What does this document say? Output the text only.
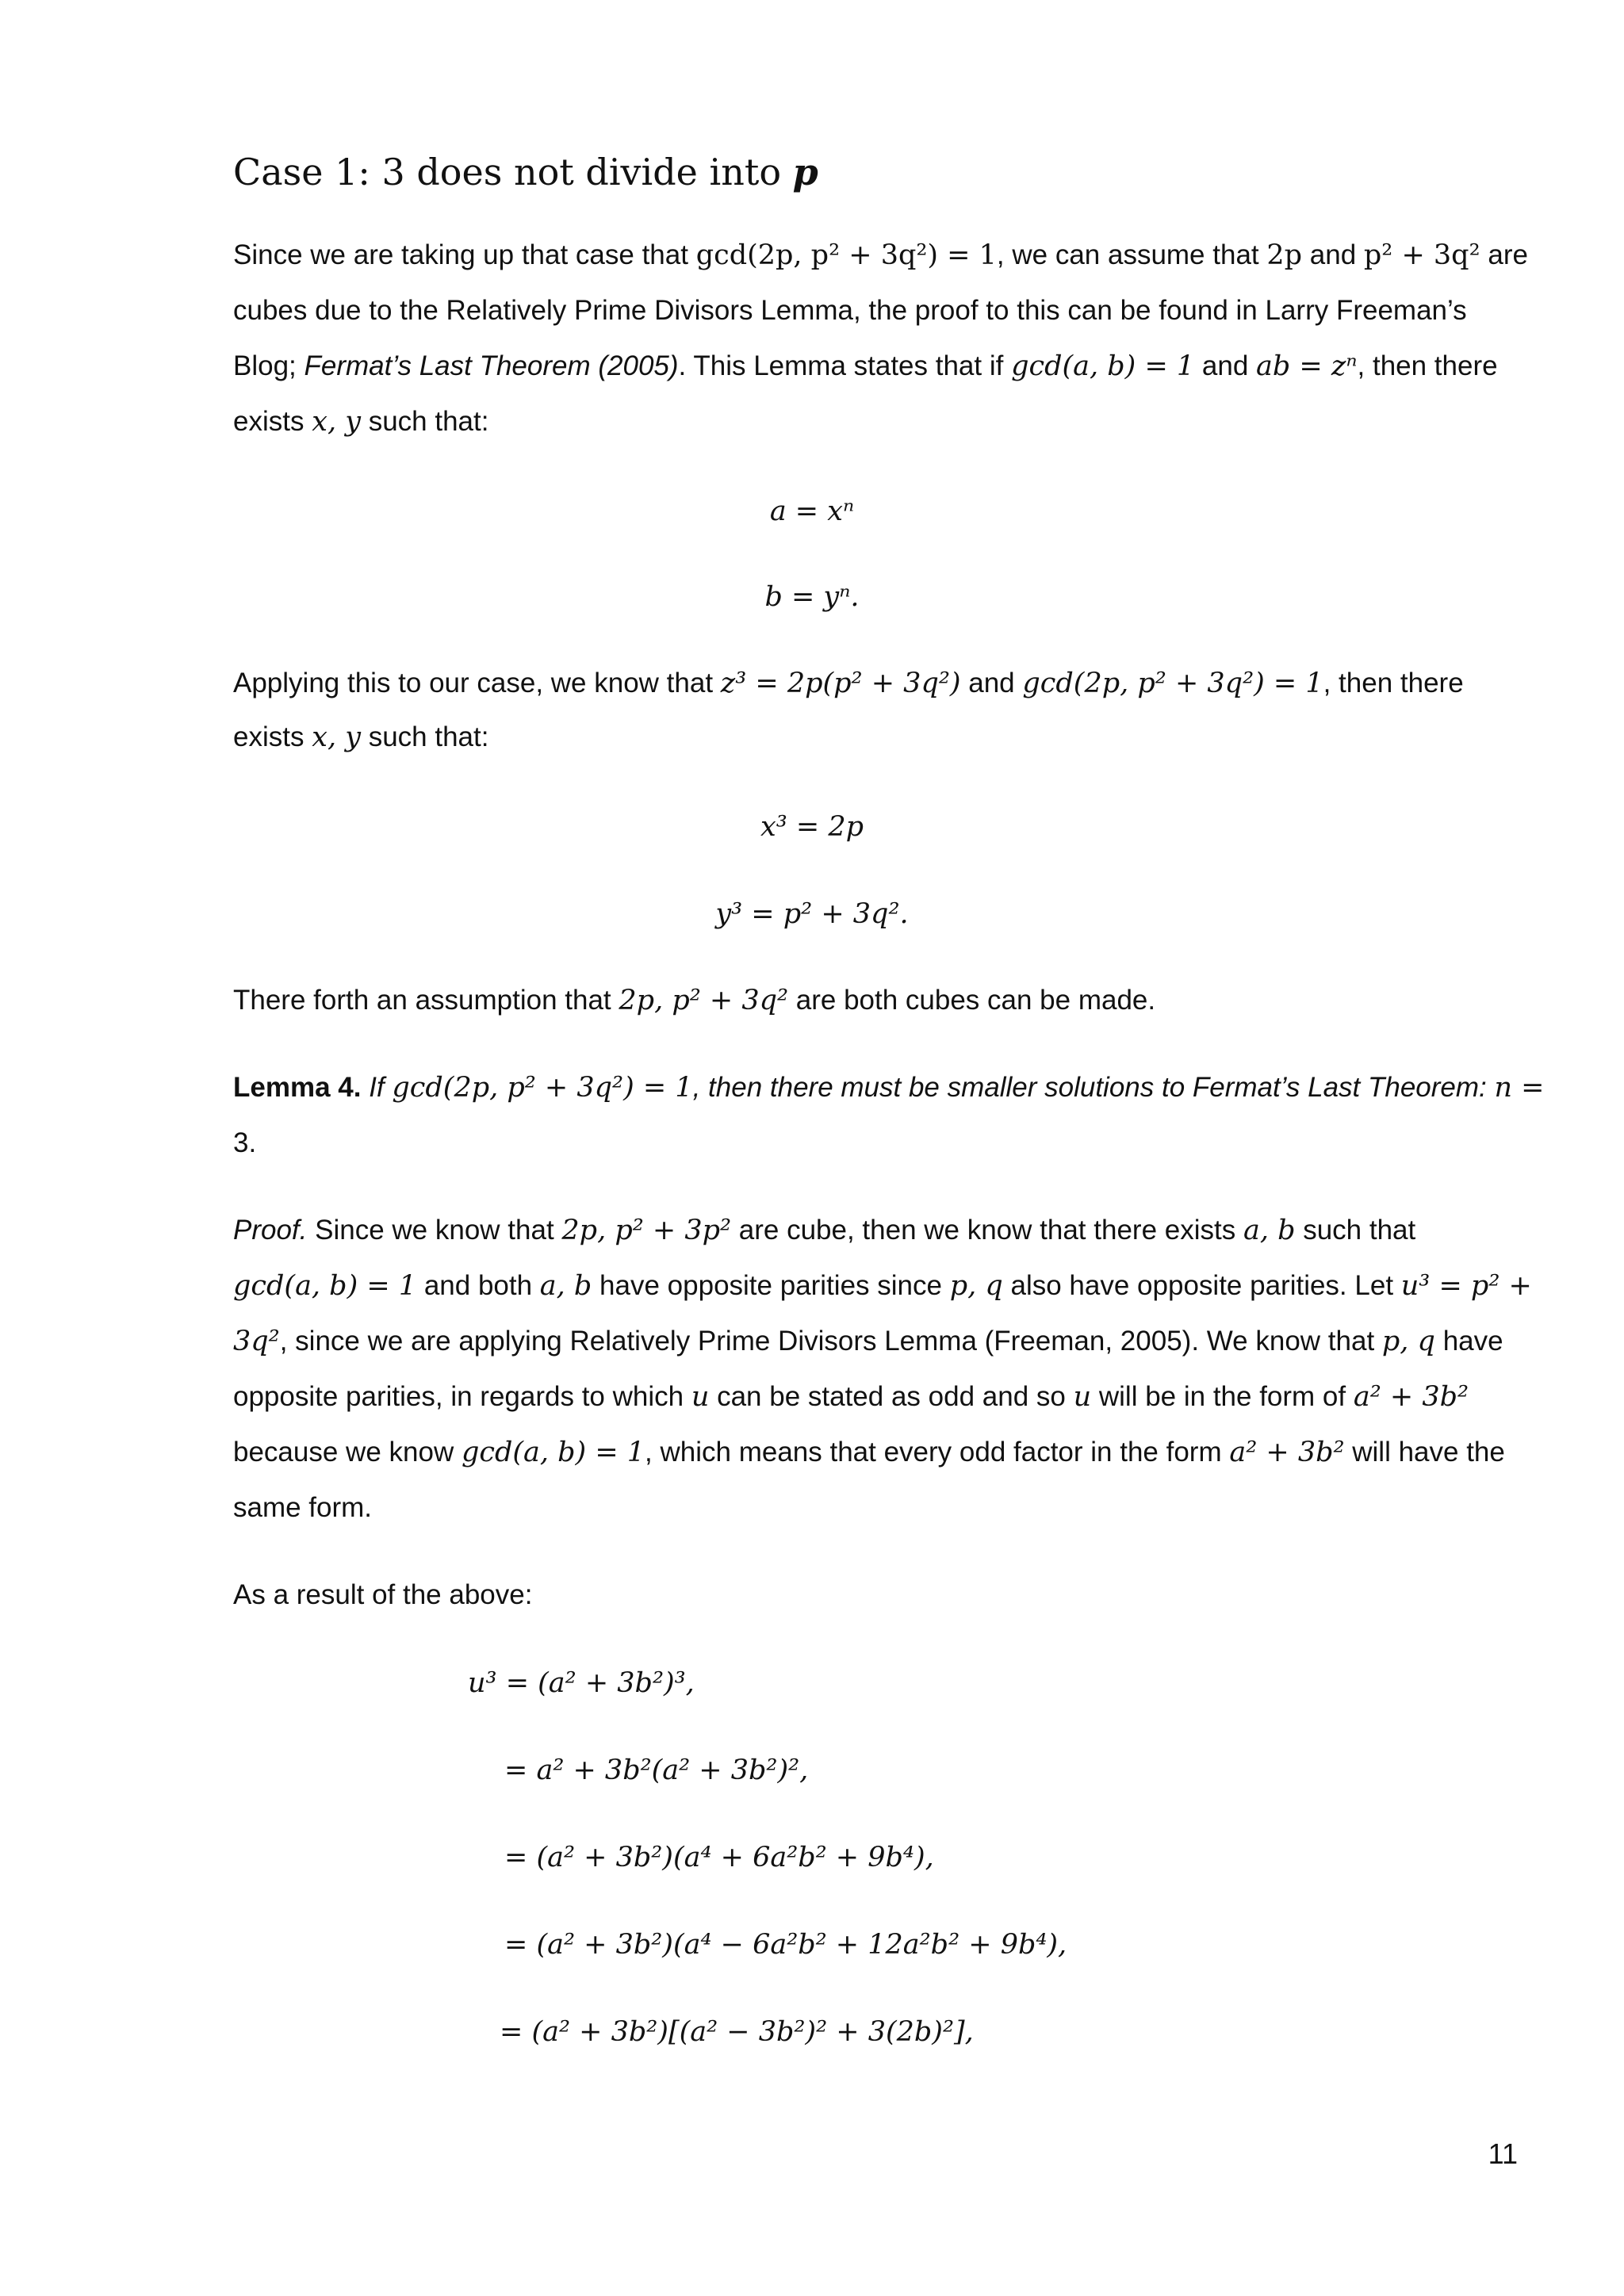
Case 1: 3 does not divide into p
Since we are taking up that case that gcd(2p, p² + 3q²) = 1, we can assume that 2p and p² + 3q² are
cubes due to the Relatively Prime Divisors Lemma, the proof to this can be found in Larry Freeman’s
Blog; Fermat’s Last Theorem (2005). This Lemma states that if gcd(a, b) = 1 and ab = zⁿ, then there
exists x, y such that:
a = xⁿ
b = yⁿ.
Applying this to our case, we know that z³ = 2p(p² + 3q²) and gcd(2p, p² + 3q²) = 1, then there
exists x, y such that:
x³ = 2p
y³ = p² + 3q².
There forth an assumption that 2p, p² + 3q² are both cubes can be made.
Lemma 4. If gcd(2p, p² + 3q²) = 1, then there must be smaller solutions to Fermat’s Last Theorem: n =
3.
Proof. Since we know that 2p, p² + 3p² are cube, then we know that there exists a, b such that
gcd(a, b) = 1 and both a, b have opposite parities since p, q also have opposite parities. Let u³ = p² +
3q², since we are applying Relatively Prime Divisors Lemma (Freeman, 2005). We know that p, q have
opposite parities, in regards to which u can be stated as odd and so u will be in the form of a² + 3b²
because we know gcd(a, b) = 1, which means that every odd factor in the form a² + 3b² will have the
same form.
As a result of the above:
u³ = (a² + 3b²)³,
= a² + 3b²(a² + 3b²)²,
= (a² + 3b²)(a⁴ + 6a²b² + 9b⁴),
= (a² + 3b²)(a⁴ − 6a²b² + 12a²b² + 9b⁴),
= (a² + 3b²)[(a² − 3b²)² + 3(2b)²],
11
